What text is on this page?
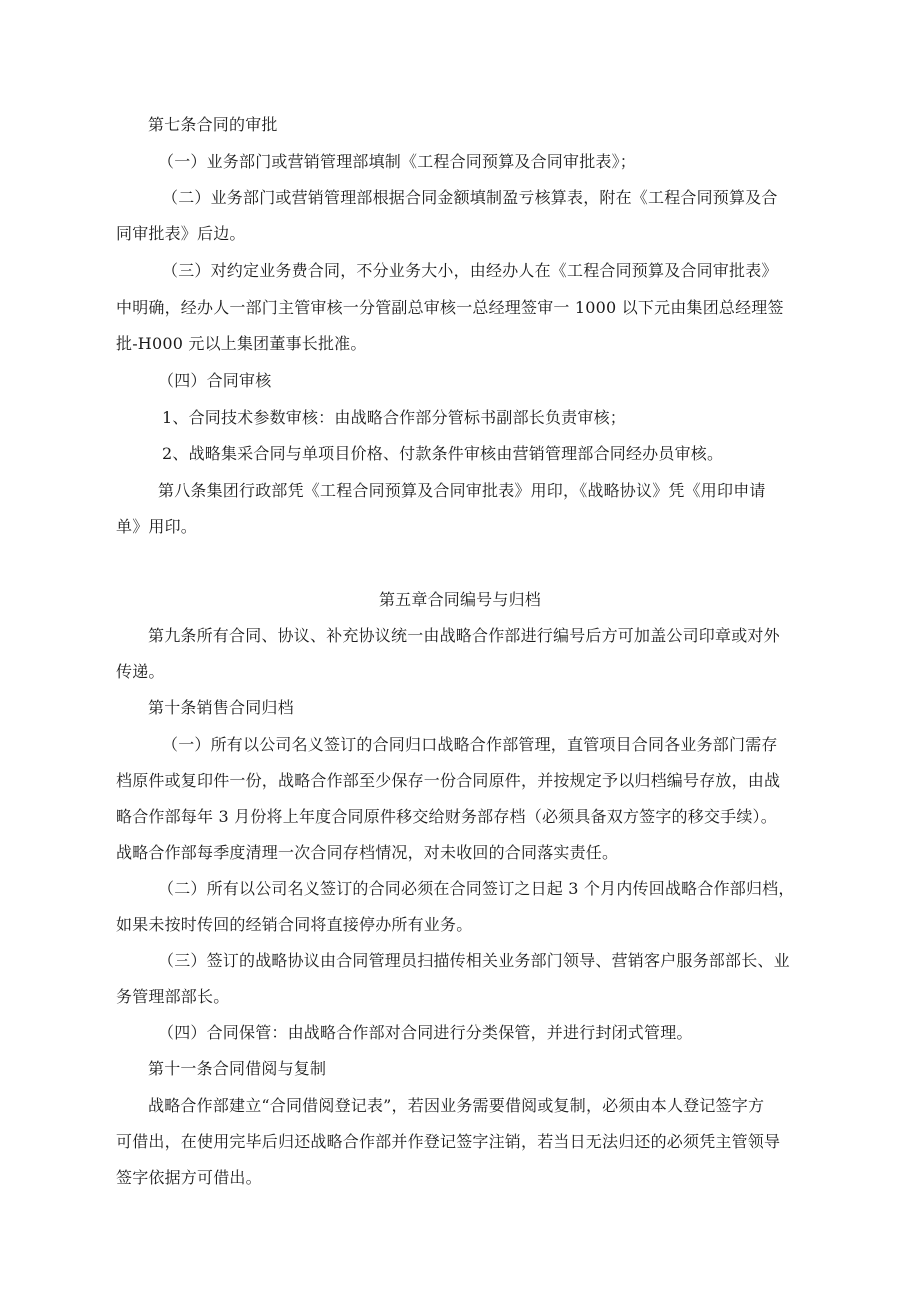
第七条合同的审批
（一）业务部门或营销管理部填制《工程合同预算及合同审批表》；
（二）业务部门或营销管理部根据合同金额填制盈亏核算表，附在《工程合同预算及合
同审批表》后边。
（三）对约定业务费合同，不分业务大小，由经办人在《工程合同预算及合同审批表》
中明确，经办人一部门主管审核一分管副总审核一总经理签审一 1000 以下元由集团总经理签
批-H000 元以上集团董事长批准。
（四）合同审核
1、合同技术参数审核：由战略合作部分管标书副部长负责审核；
2、战略集采合同与单项目价格、付款条件审核由营销管理部合同经办员审核。
第八条集团行政部凭《工程合同预算及合同审批表》用印，《战略协议》凭《用印申请
单》用印。
第五章合同编号与归档
第九条所有合同、协议、补充协议统一由战略合作部进行编号后方可加盖公司印章或对外
传递。
第十条销售合同归档
（一）所有以公司名义签订的合同归口战略合作部管理，直管项目合同各业务部门需存
档原件或复印件一份，战略合作部至少保存一份合同原件，并按规定予以归档编号存放，由战
略合作部每年 3 月份将上年度合同原件移交给财务部存档（必须具备双方签字的移交手续）。
战略合作部每季度清理一次合同存档情况，对未收回的合同落实责任。
（二）所有以公司名义签订的合同必须在合同签订之日起 3 个月内传回战略合作部归档，
如果未按时传回的经销合同将直接停办所有业务。
（三）签订的战略协议由合同管理员扫描传相关业务部门领导、营销客户服务部部长、业
务管理部部长。
（四）合同保管：由战略合作部对合同进行分类保管，并进行封闭式管理。
第十一条合同借阅与复制
战略合作部建立“合同借阅登记表”，若因业务需要借阅或复制，必须由本人登记签字方
可借出，在使用完毕后归还战略合作部并作登记签字注销，若当日无法归还的必须凭主管领导
签字依据方可借出。
